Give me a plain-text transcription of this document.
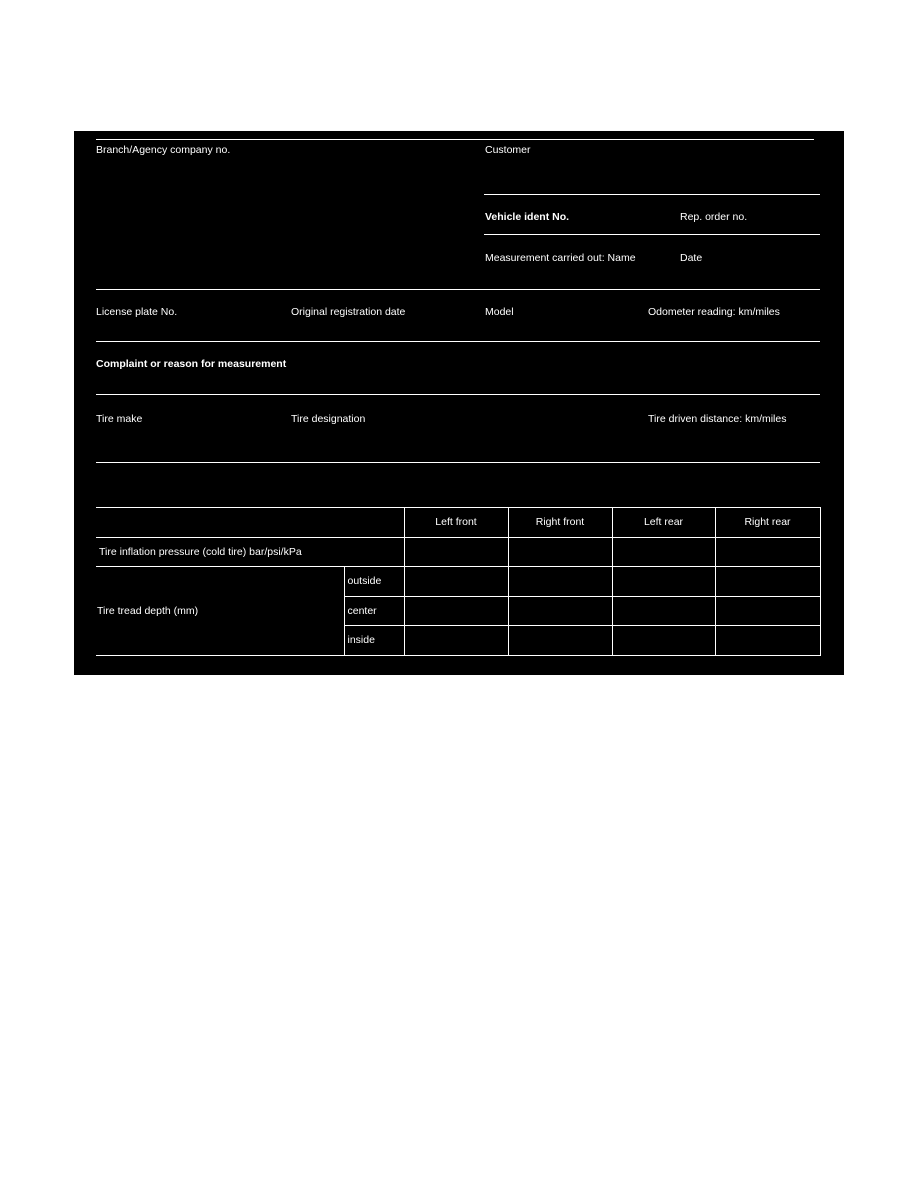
Branch/Agency company no.	Customer
Vehicle ident No.	Rep. order no.
Measurement carried out: Name	Date
License plate No.	Original registration date	Model	Odometer reading: km/miles
Complaint or reason for measurement
Tire make	Tire designation	Tire driven distance: km/miles
		Left front	Right front	Left rear	Right rear
Tire inflation pressure (cold tire) bar/psi/kPa					
Tire tread depth (mm)	outside				
	center				
	inside				
